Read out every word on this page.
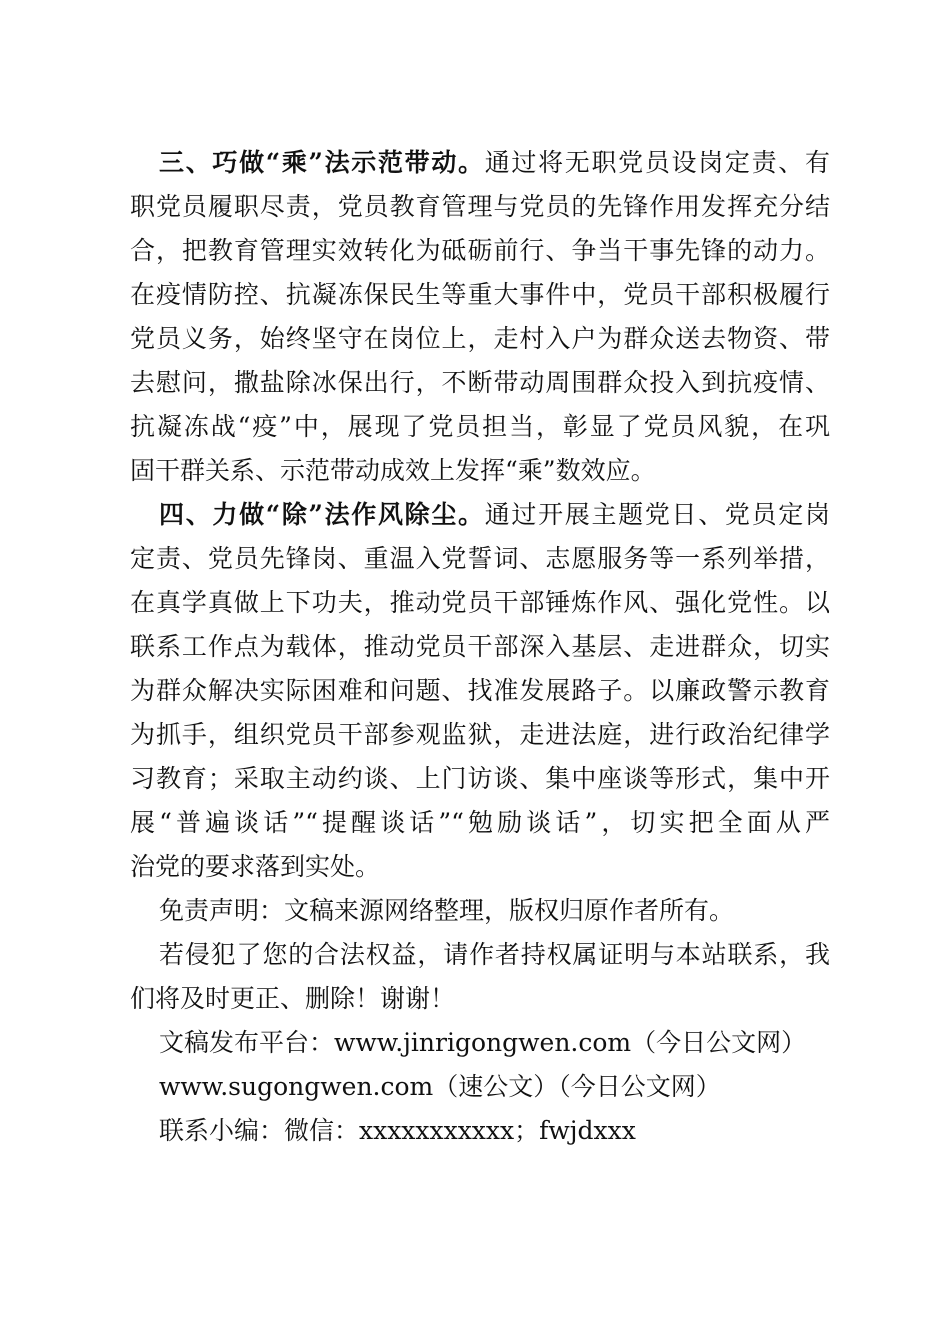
三、巧做“乘”法示范带动。通过将无职党员设岗定责、有
职党员履职尽责，党员教育管理与党员的先锋作用发挥充分结
合，把教育管理实效转化为砥砺前行、争当干事先锋的动力。
在疫情防控、抗凝冻保民生等重大事件中，党员干部积极履行
党员义务，始终坚守在岗位上，走村入户为群众送去物资、带
去慰问，撒盐除冰保出行，不断带动周围群众投入到抗疫情、
抗凝冻战“疫”中，展现了党员担当，彰显了党员风貌，在巩
固干群关系、示范带动成效上发挥“乘”数效应。
四、力做“除”法作风除尘。通过开展主题党日、党员定岗
定责、党员先锋岗、重温入党誓词、志愿服务等一系列举措，
在真学真做上下功夫，推动党员干部锤炼作风、强化党性。以
联系工作点为载体，推动党员干部深入基层、走进群众，切实
为群众解决实际困难和问题、找准发展路子。以廉政警示教育
为抓手，组织党员干部参观监狱，走进法庭，进行政治纪律学
习教育；采取主动约谈、上门访谈、集中座谈等形式，集中开
展“普遍谈话”“提醒谈话”“勉励谈话”，切实把全面从严
治党的要求落到实处。
免责声明：文稿来源网络整理，版权归原作者所有。
若侵犯了您的合法权益，请作者持权属证明与本站联系，我
们将及时更正、删除！谢谢！
文稿发布平台：www.jinrigongwen.com（今日公文网）
www.sugongwen.com（速公文）（今日公文网）
联系小编：微信：xxxxxxxxxxx；fwjdxxx
